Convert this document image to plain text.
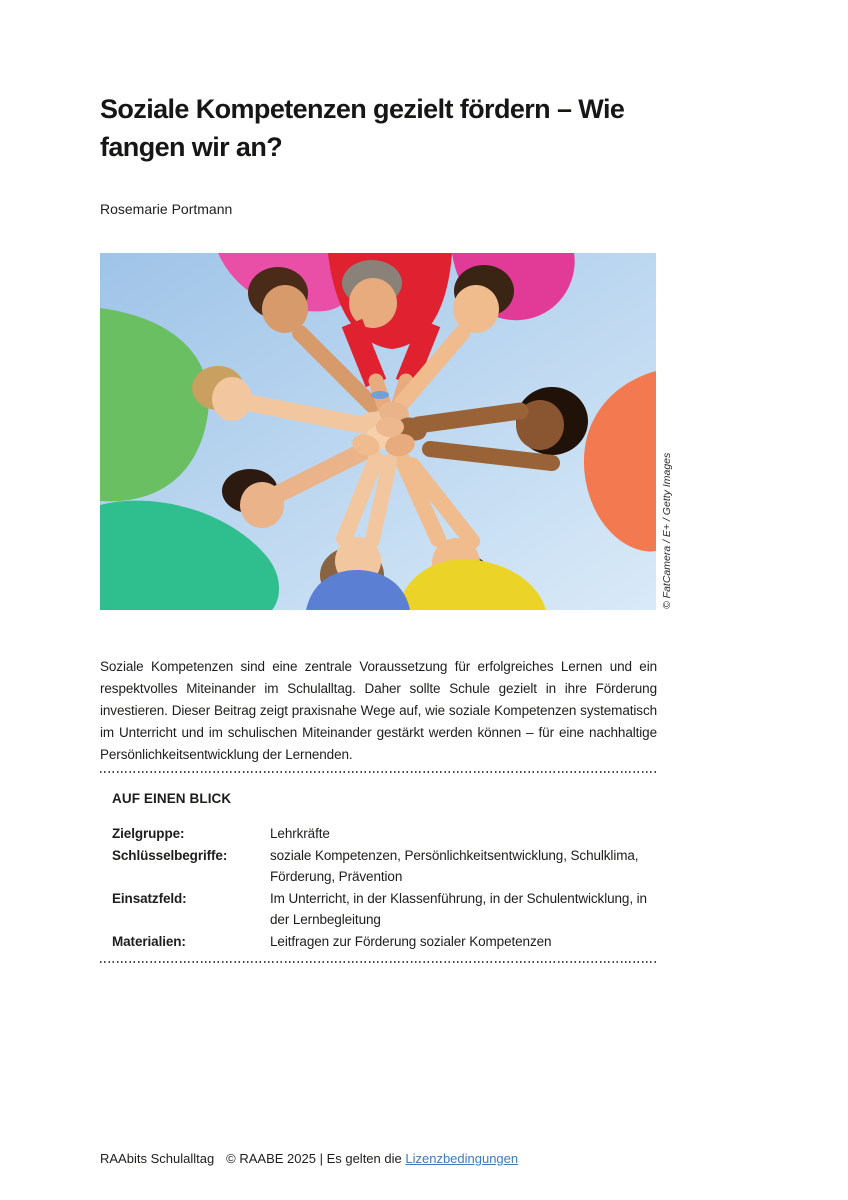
Soziale Kompetenzen gezielt fördern – Wie fangen wir an?
Rosemarie Portmann
© FatCamera / E+ / Getty Images

Soziale Kompetenzen sind eine zentrale Voraussetzung für erfolgreiches Lernen und ein respektvolles Miteinander im Schulalltag. Daher sollte Schule gezielt in ihre Förderung investieren. Dieser Beitrag zeigt praxisnahe Wege auf, wie soziale Kompetenzen systematisch im Unterricht und im schulischen Miteinander gestärkt werden können – für eine nachhaltige Persönlichkeitsentwicklung der Lernenden.

AUF EINEN BLICK
Zielgruppe:	Lehrkräfte
Schlüsselbegriffe:	soziale Kompetenzen, Persönlichkeitsentwicklung, Schulklima, Förderung, Prävention
Einsatzfeld:	Im Unterricht, in der Klassenführung, in der Schulentwicklung, in der Lernbegleitung
Materialien:	Leitfragen zur Förderung sozialer Kompetenzen
RAAbits Schulalltag © RAABE 2025 | Es gelten die Lizenzbedingungen
